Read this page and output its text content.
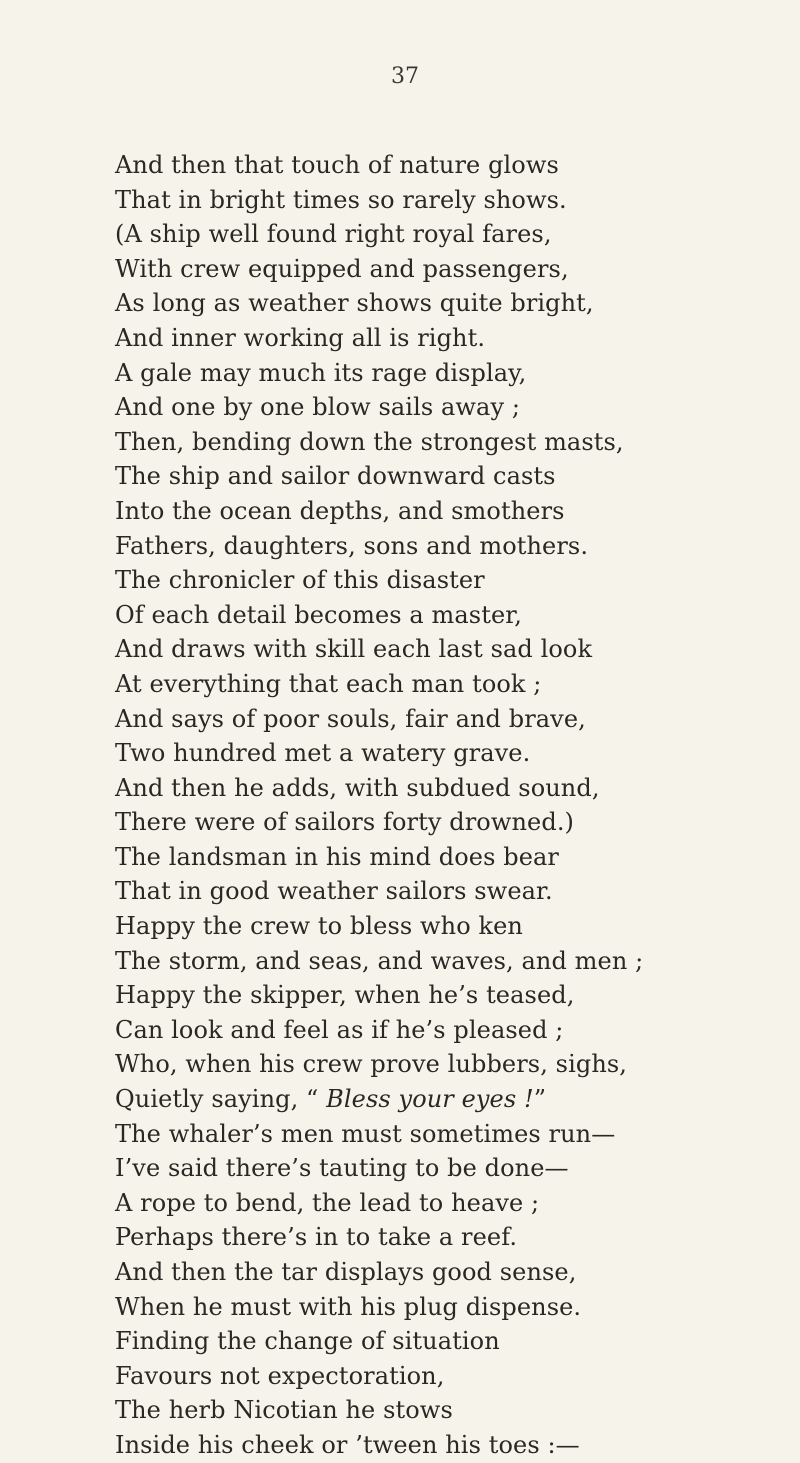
37
And then that touch of nature glows
That in bright times so rarely shows.
(A ship well found right royal fares,
With crew equipped and passengers,
As long as weather shows quite bright,
And inner working all is right.
A gale may much its rage display,
And one by one blow sails away ;
Then, bending down the strongest masts,
The ship and sailor downward casts
Into the ocean depths, and smothers
Fathers, daughters, sons and mothers.
The chronicler of this disaster
Of each detail becomes a master,
And draws with skill each last sad look
At everything that each man took ;
And says of poor souls, fair and brave,
Two hundred met a watery grave.
And then he adds, with subdued sound,
There were of sailors forty drowned.)
The landsman in his mind does bear
That in good weather sailors swear.
Happy the crew to bless who ken
The storm, and seas, and waves, and men ;
Happy the skipper, when he’s teased,
Can look and feel as if he’s pleased ;
Who, when his crew prove lubbers, sighs,
Quietly saying, “ Bless your eyes !”
The whaler’s men must sometimes run—
I’ve said there’s tauting to be done—
A rope to bend, the lead to heave ;
Perhaps there’s in to take a reef.
And then the tar displays good sense,
When he must with his plug dispense.
Finding the change of situation
Favours not expectoration,
The herb Nicotian he stows
Inside his cheek or ’tween his toes :—
